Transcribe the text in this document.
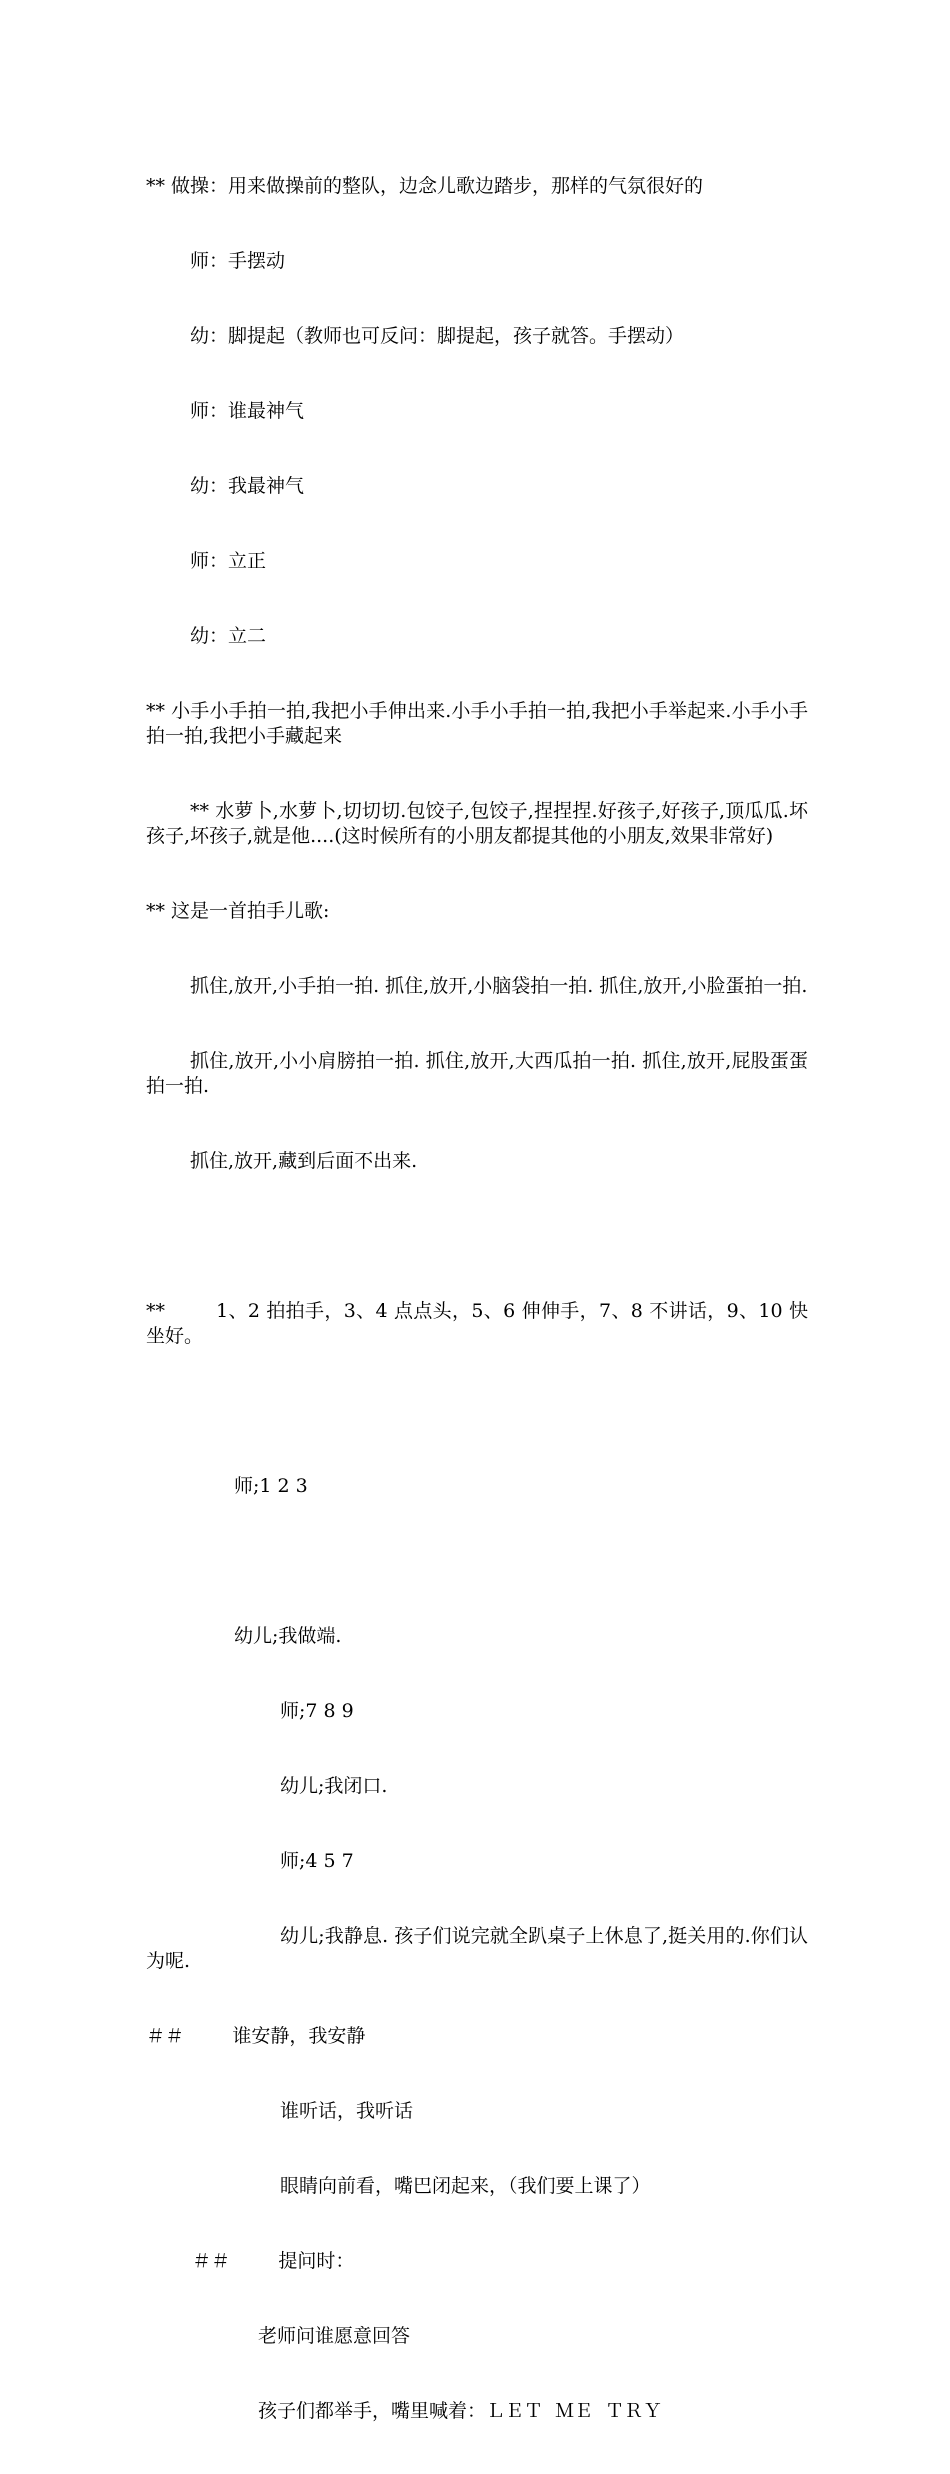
** 做操：用来做操前的整队，边念儿歌边踏步，那样的气氛很好的

师：手摆动

幼：脚提起（教师也可反问：脚提起，孩子就答。手摆动）

师：谁最神气

幼：我最神气

师：立正

幼：立二

** 小手小手拍一拍,我把小手伸出来.小手小手拍一拍,我把小手举起来.小手小手拍一拍,我把小手藏起来

** 水萝卜,水萝卜,切切切.包饺子,包饺子,捏捏捏.好孩子,好孩子,顶瓜瓜.坏孩子,坏孩子,就是他....(这时候所有的小朋友都提其他的小朋友,效果非常好)

** 这是一首拍手儿歌:

抓住,放开,小手拍一拍. 抓住,放开,小脑袋拍一拍. 抓住,放开,小脸蛋拍一拍.

抓住,放开,小小肩膀拍一拍. 抓住,放开,大西瓜拍一拍. 抓住,放开,屁股蛋蛋拍一拍.

抓住,放开,藏到后面不出来.

**        1、2 拍拍手，3、4 点点头，5、6 伸伸手，7、8 不讲话，9、10 快坐好。

师;1 2 3

幼儿;我做端.

师;7 8 9

幼儿;我闭口.

师;4 5 7

幼儿;我静息. 孩子们说完就全趴桌子上休息了,挺关用的.你们认为呢.

＃＃        谁安静，我安静

谁听话，我听话

眼睛向前看，嘴巴闭起来，（我们要上课了）

＃＃        提问时：

老师问谁愿意回答

孩子们都举手，嘴里喊着：ＬＥＴ  ＭＥ  ＴＲＹ
